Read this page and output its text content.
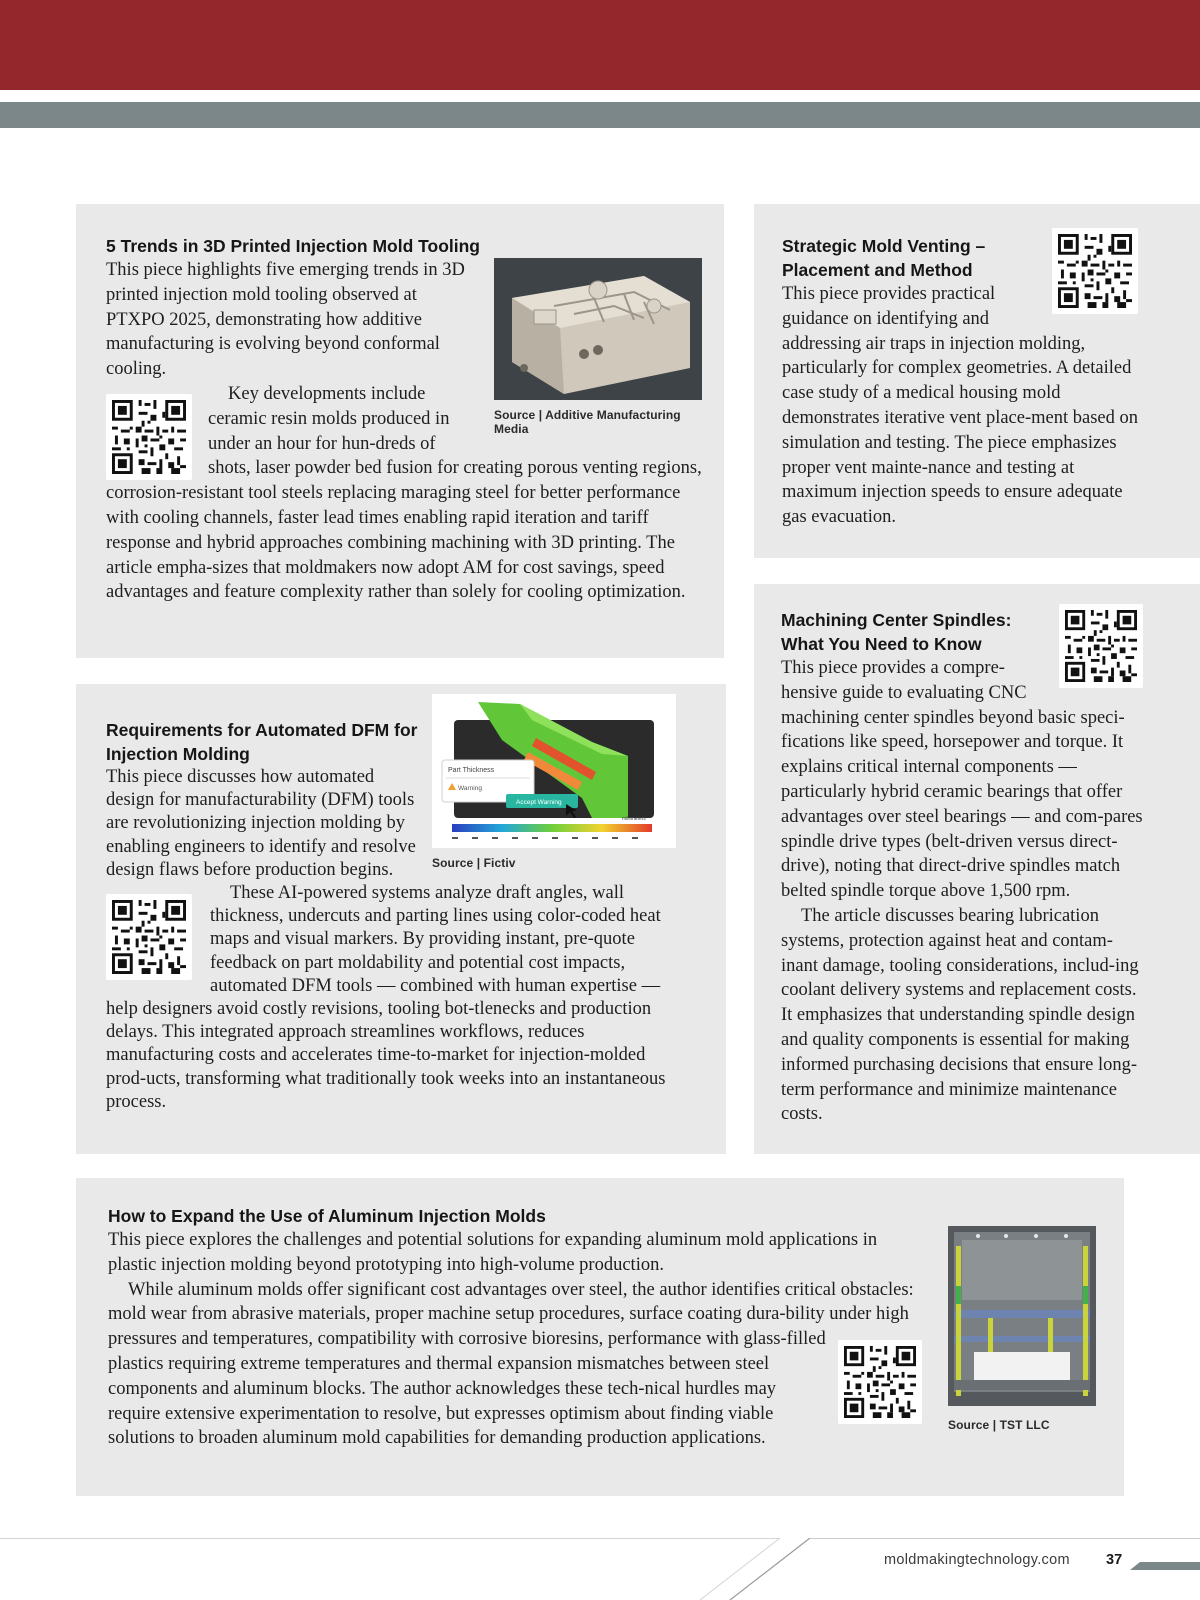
5 Trends in 3D Printed Injection Mold Tooling
Source | Additive Manufacturing Media

This piece highlights five emerging trends in 3D printed injection mold tooling observed at PTXPO 2025, demonstrating how additive manufacturing is evolving beyond conformal cooling.

Key developments include ceramic resin molds produced in under an hour for hun-dreds of shots, laser powder bed fusion for creating porous venting regions, corrosion-resistant tool steels replacing maraging steel for better performance with cooling channels, faster lead times enabling rapid iteration and tariff response and hybrid approaches combining machining with 3D printing. The article empha-sizes that moldmakers now adopt AM for cost savings, speed advantages and feature complexity rather than solely for cooling optimization.

Strategic Mold Venting – Placement and Method

This piece provides practical guidance on identifying and addressing air traps in injection molding, particularly for complex geometries. A detailed case study of a medical housing mold demonstrates iterative vent place-ment based on simulation and testing. The piece emphasizes proper vent mainte-nance and testing at maximum injection speeds to ensure adequate gas evacuation.

Machining Center Spindles: What You Need to Know

This piece provides a compre-hensive guide to evaluating CNC machining center spindles beyond basic speci-fications like speed, horsepower and torque. It explains critical internal components — particularly hybrid ceramic bearings that offer advantages over steel bearings — and com-pares spindle drive types (belt-driven versus direct-drive), noting that direct-drive spindles match belted spindle torque above 1,500 rpm.

The article discusses bearing lubrication systems, protection against heat and contam-inant damage, tooling considerations, includ-ing coolant delivery systems and replacement costs. It emphasizes that understanding spindle design and quality components is essential for making informed purchasing decisions that ensure long-term performance and minimize maintenance costs.

Part Thickness
Warning
Accept Warning
millimeters
Source | Fictiv
Requirements for Automated DFM for Injection Molding

This piece discusses how automated design for manufacturability (DFM) tools are revolutionizing injection molding by enabling engineers to identify and resolve design flaws before production begins.

These AI-powered systems analyze draft angles, wall thickness, undercuts and parting lines using color-coded heat maps and visual markers. By providing instant, pre-quote feedback on part moldability and potential cost impacts, automated DFM tools — combined with human expertise — help designers avoid costly revisions, tooling bot-tlenecks and production delays. This integrated approach streamlines workflows, reduces manufacturing costs and accelerates time-to-market for injection-molded prod-ucts, transforming what traditionally took weeks into an instantaneous process.

How to Expand the Use of Aluminum Injection Molds

This piece explores the challenges and potential solutions for expanding aluminum mold applications in plastic injection molding beyond prototyping into high-volume production.

While aluminum molds offer significant cost advantages over steel, the author identifies critical obstacles: mold wear from abrasive materials, proper machine setup procedures, surface coating dura-bility under high pressures and temperatures, compatibility with corrosive bioresins, performance with glass-filled plastics requiring extreme temperatures and thermal expansion mismatches between steel components and aluminum blocks. The author acknowledges these tech-nical hurdles may require extensive experimentation to resolve, but expresses optimism about finding viable solutions to broaden aluminum mold capabilities for demanding production applications.

Source | TST LLC
moldmakingtechnology.com 37
